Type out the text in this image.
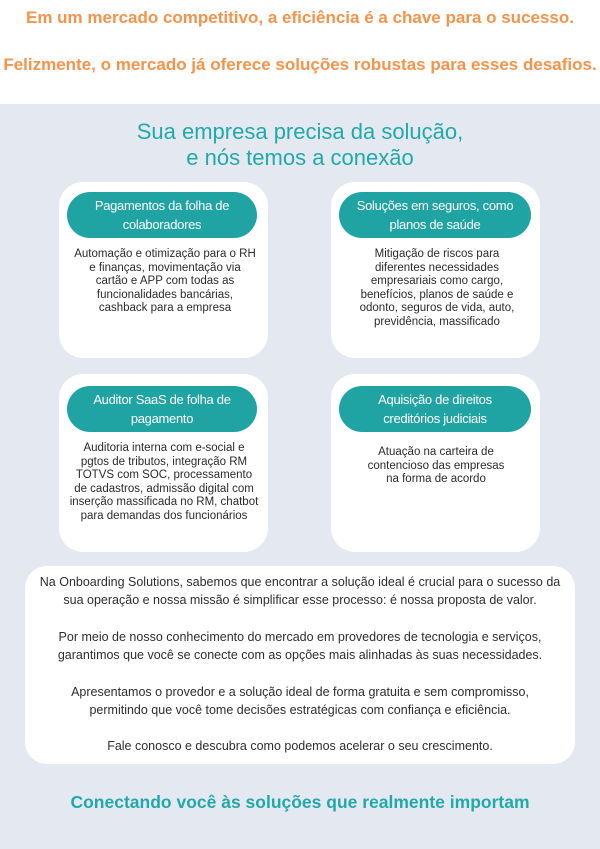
Em um mercado competitivo, a eficiência é a chave para o sucesso.
Felizmente, o mercado já oferece soluções robustas para esses desafios.
Sua empresa precisa da solução, e nós temos a conexão
Pagamentos da folha de colaboradores
Automação e otimização para o RH e finanças, movimentação via cartão e APP com todas as funcionalidades bancárias, cashback para a empresa
Soluções em seguros, como planos de saúde
Mitigação de riscos para diferentes necessidades empresariais como cargo, benefícios, planos de saúde e odonto, seguros de vida, auto, previdência, massificado
Auditor SaaS de folha de pagamento
Auditoria interna com e-social e pgtos de tributos, integração RM TOTVS com SOC, processamento de cadastros, admissão digital com inserção massificada no RM, chatbot para demandas dos funcionários
Aquisição de direitos creditórios judiciais
Atuação na carteira de contencioso das empresas na forma de acordo

Na Onboarding Solutions, sabemos que encontrar a solução ideal é crucial para o sucesso da sua operação e nossa missão é simplificar esse processo: é nossa proposta de valor.

Por meio de nosso conhecimento do mercado em provedores de tecnologia e serviços, garantimos que você se conecte com as opções mais alinhadas às suas necessidades.

Apresentamos o provedor e a solução ideal de forma gratuita e sem compromisso, permitindo que você tome decisões estratégicas com confiança e eficiência.

Fale conosco e descubra como podemos acelerar o seu crescimento.

Conectando você às soluções que realmente importam
